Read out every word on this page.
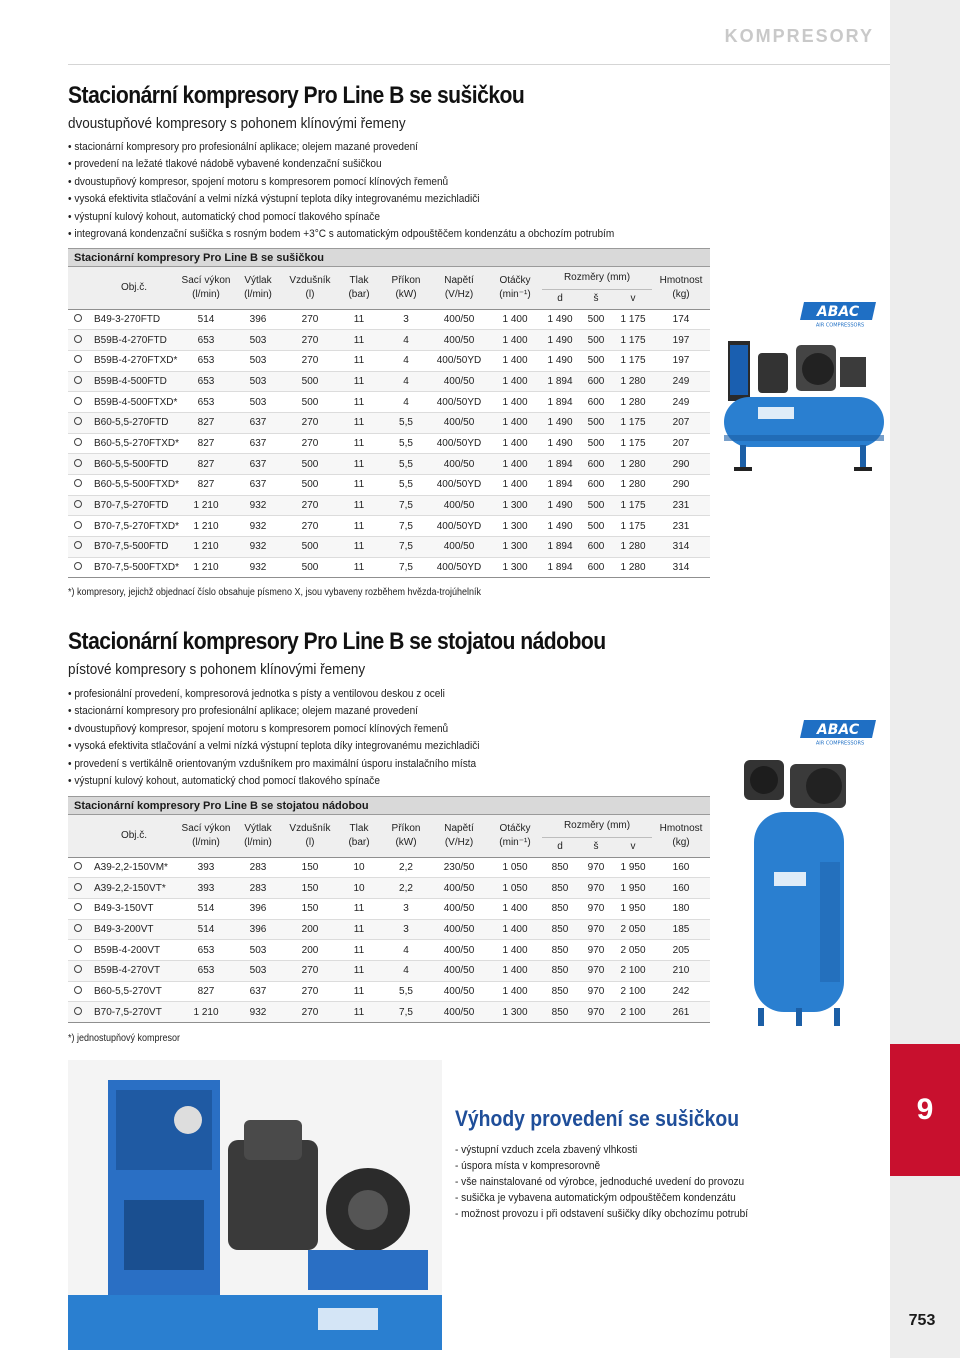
9
753
KOMPRESORY
Stacionární kompresory Pro Line B se sušičkou
dvoustupňové kompresory s pohonem klínovými řemeny
• stacionární kompresory pro profesionální aplikace; olejem mazané provedení
• provedení na ležaté tlakové nádobě vybavené kondenzační sušičkou
• dvoustupňový kompresor, spojení motoru s kompresorem pomocí klínových řemenů
• vysoká efektivita stlačování a velmi nízká výstupní teplota díky integrovanému mezichladiči
• výstupní kulový kohout, automatický chod pomocí tlakového spínače
• integrovaná kondenzační sušička s rosným bodem +3°C s automatickým odpouštěčem kondenzátu a obchozím potrubím
Stacionární kompresory Pro Line B se sušičkou
	Obj.č.	Sací výkon
(l/min)	Výtlak
(l/min)	Vzdušník
(l)	Tlak
(bar)	Příkon
(kW)	Napětí
(V/Hz)	Otáčky
(min⁻¹)	Rozměry (mm)			Hmotnost
(kg)
									d	š	v	
	B49-3-270FTD	514	396	270	11	3	400/50	1 400	1 490	500	1 175	174
	B59B-4-270FTD	653	503	270	11	4	400/50	1 400	1 490	500	1 175	197
	B59B-4-270FTXD*	653	503	270	11	4	400/50YD	1 400	1 490	500	1 175	197
	B59B-4-500FTD	653	503	500	11	4	400/50	1 400	1 894	600	1 280	249
	B59B-4-500FTXD*	653	503	500	11	4	400/50YD	1 400	1 894	600	1 280	249
	B60-5,5-270FTD	827	637	270	11	5,5	400/50	1 400	1 490	500	1 175	207
	B60-5,5-270FTXD*	827	637	270	11	5,5	400/50YD	1 400	1 490	500	1 175	207
	B60-5,5-500FTD	827	637	500	11	5,5	400/50	1 400	1 894	600	1 280	290
	B60-5,5-500FTXD*	827	637	500	11	5,5	400/50YD	1 400	1 894	600	1 280	290
	B70-7,5-270FTD	1 210	932	270	11	7,5	400/50	1 300	1 490	500	1 175	231
	B70-7,5-270FTXD*	1 210	932	270	11	7,5	400/50YD	1 300	1 490	500	1 175	231
	B70-7,5-500FTD	1 210	932	500	11	7,5	400/50	1 300	1 894	600	1 280	314
	B70-7,5-500FTXD*	1 210	932	500	11	7,5	400/50YD	1 300	1 894	600	1 280	314
*) kompresory, jejichž objednací číslo obsahuje písmeno X, jsou vybaveny rozběhem hvězda-trojúhelník
Stacionární kompresory Pro Line B se stojatou nádobou
pístové kompresory s pohonem klínovými řemeny
• profesionální provedení, kompresorová jednotka s písty a ventilovou deskou z oceli
• stacionární kompresory pro profesionální aplikace; olejem mazané provedení
• dvoustupňový kompresor, spojení motoru s kompresorem pomocí klínových řemenů
• vysoká efektivita stlačování a velmi nízká výstupní teplota díky integrovanému mezichladiči
• provedení s vertikálně orientovaným vzdušníkem pro maximální úsporu instalačního místa
• výstupní kulový kohout, automatický chod pomocí tlakového spínače
Stacionární kompresory Pro Line B se stojatou nádobou
	Obj.č.	Sací výkon
(l/min)	Výtlak
(l/min)	Vzdušník
(l)	Tlak
(bar)	Příkon
(kW)	Napětí
(V/Hz)	Otáčky
(min⁻¹)	Rozměry (mm)			Hmotnost
(kg)
									d	š	v	
	A39-2,2-150VM*	393	283	150	10	2,2	230/50	1 050	850	970	1 950	160
	A39-2,2-150VT*	393	283	150	10	2,2	400/50	1 050	850	970	1 950	160
	B49-3-150VT	514	396	150	11	3	400/50	1 400	850	970	1 950	180
	B49-3-200VT	514	396	200	11	3	400/50	1 400	850	970	2 050	185
	B59B-4-200VT	653	503	200	11	4	400/50	1 400	850	970	2 050	205
	B59B-4-270VT	653	503	270	11	4	400/50	1 400	850	970	2 100	210
	B60-5,5-270VT	827	637	270	11	5,5	400/50	1 400	850	970	2 100	242
	B70-7,5-270VT	1 210	932	270	11	7,5	400/50	1 300	850	970	2 100	261
*) jednostupňový kompresor
ABAC
AIR COMPRESSORS
ABAC
AIR COMPRESSORS
Výhody provedení se sušičkou
- výstupní vzduch zcela zbavený vlhkosti
- úspora místa v kompresorovně
- vše nainstalované od výrobce, jednoduché uvedení do provozu
- sušička je vybavena automatickým odpouštěčem kondenzátu
- možnost provozu i při odstavení sušičky díky obchozímu potrubí
